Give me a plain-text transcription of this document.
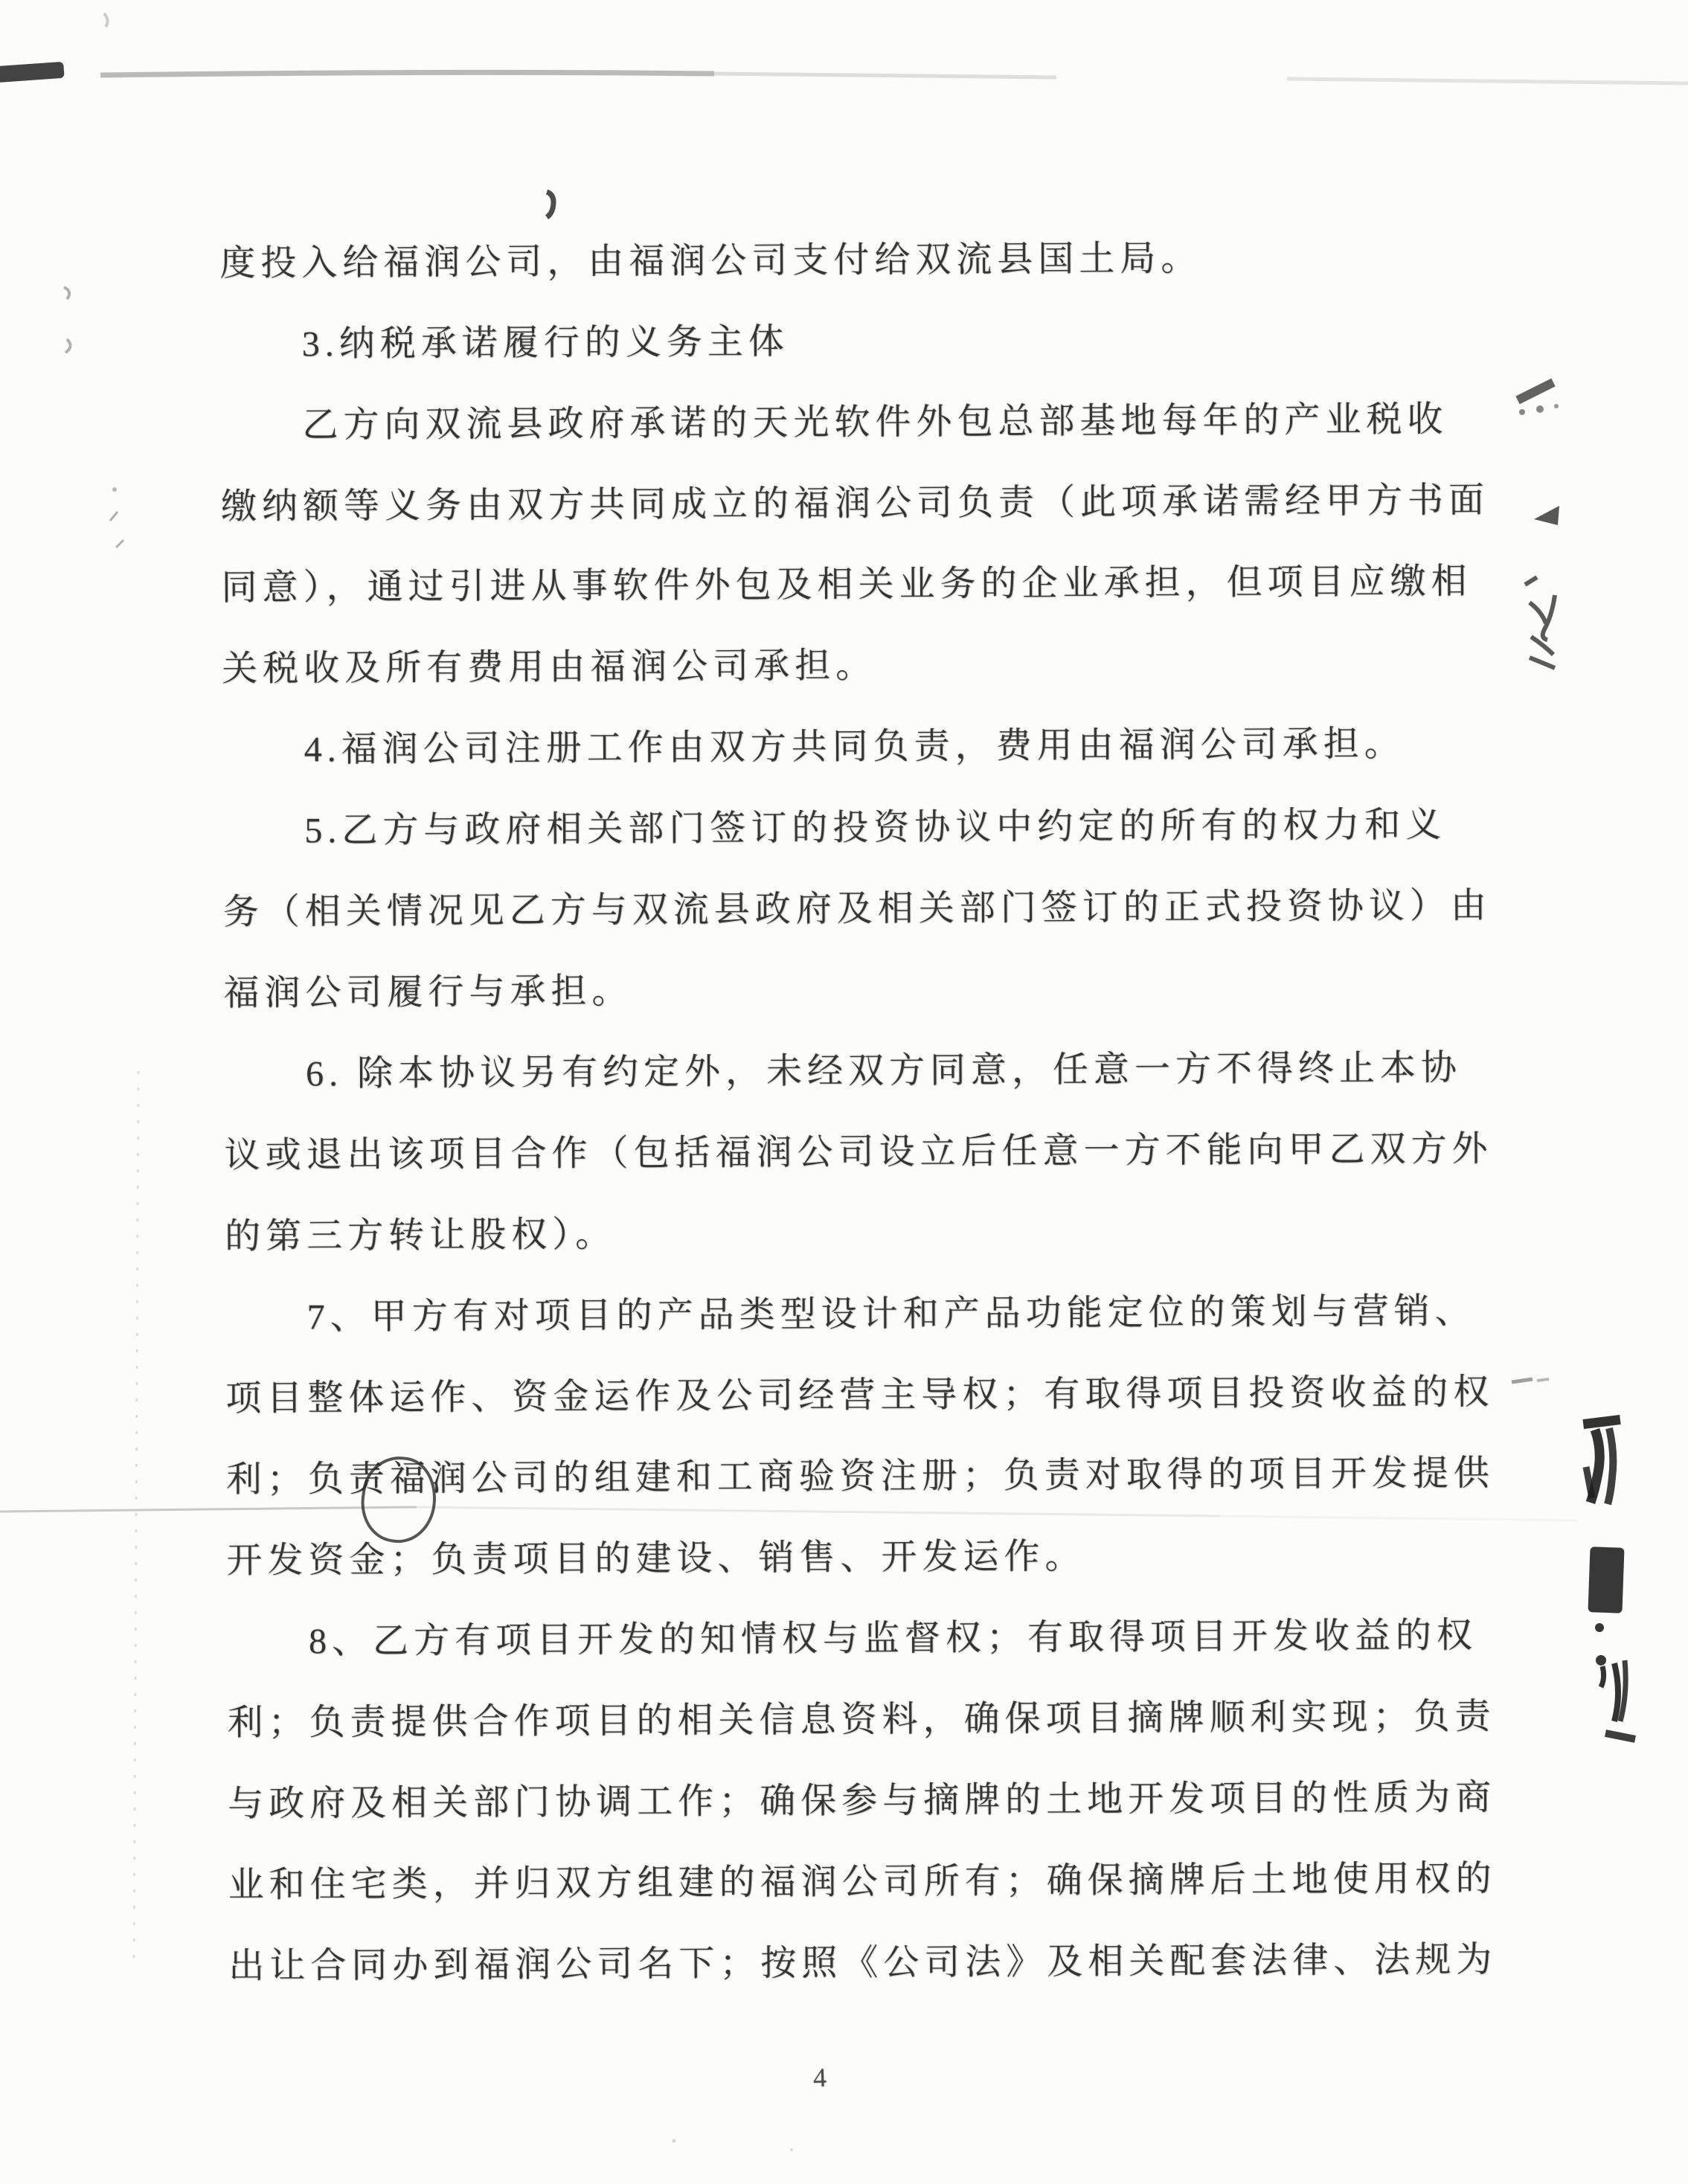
度投入给福润公司，由福润公司支付给双流县国土局。
3.纳税承诺履行的义务主体
乙方向双流县政府承诺的天光软件外包总部基地每年的产业税收
缴纳额等义务由双方共同成立的福润公司负责（此项承诺需经甲方书面
同意），通过引进从事软件外包及相关业务的企业承担，但项目应缴相
关税收及所有费用由福润公司承担。
4.福润公司注册工作由双方共同负责，费用由福润公司承担。
5.乙方与政府相关部门签订的投资协议中约定的所有的权力和义
务（相关情况见乙方与双流县政府及相关部门签订的正式投资协议）由
福润公司履行与承担。
6. 除本协议另有约定外，未经双方同意，任意一方不得终止本协
议或退出该项目合作（包括福润公司设立后任意一方不能向甲乙双方外
的第三方转让股权）。
7、甲方有对项目的产品类型设计和产品功能定位的策划与营销、
项目整体运作、资金运作及公司经营主导权；有取得项目投资收益的权
利；负责福润公司的组建和工商验资注册；负责对取得的项目开发提供
开发资金；负责项目的建设、销售、开发运作。
8、乙方有项目开发的知情权与监督权；有取得项目开发收益的权
利；负责提供合作项目的相关信息资料，确保项目摘牌顺利实现；负责
与政府及相关部门协调工作；确保参与摘牌的土地开发项目的性质为商
业和住宅类，并归双方组建的福润公司所有；确保摘牌后土地使用权的
出让合同办到福润公司名下；按照《公司法》及相关配套法律、法规为
4
